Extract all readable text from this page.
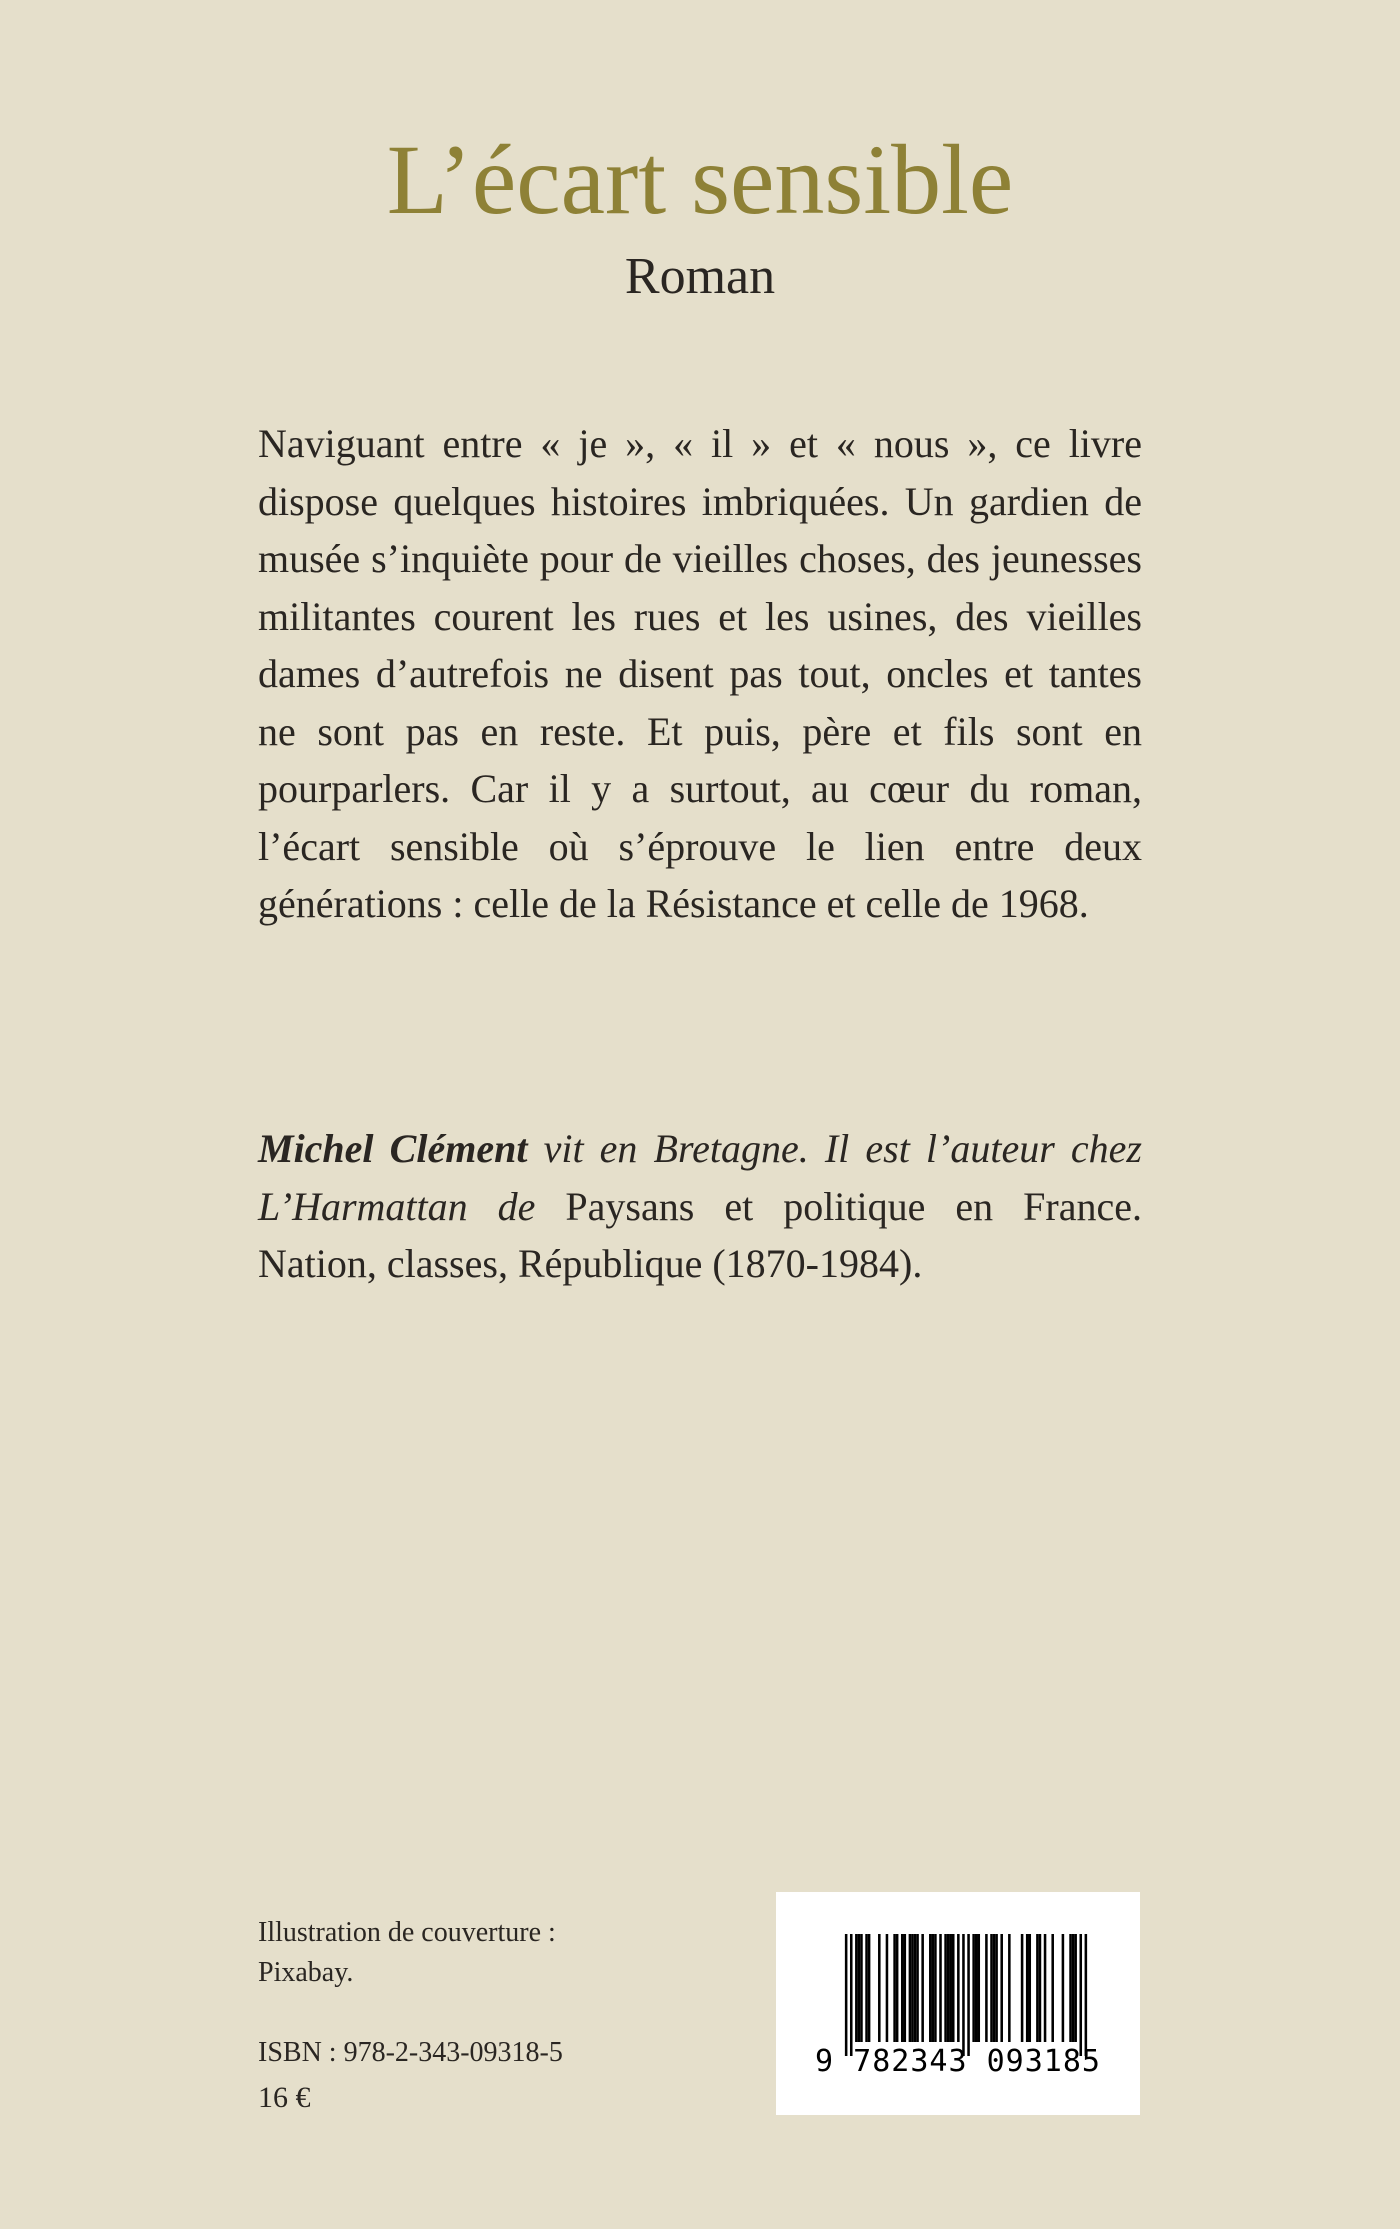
L’écart sensible
Roman

Naviguant entre « je », « il » et « nous », ce livre dispose quelques histoires imbriquées. Un gardien de musée s’inquiète pour de vieilles choses, des jeunesses militantes courent les rues et les usines, des vieilles dames d’autrefois ne disent pas tout, oncles et tantes ne sont pas en reste. Et puis, père et fils sont en pourparlers. Car il y a surtout, au cœur du roman, l’écart sensible où s’éprouve le lien entre deux générations : celle de la Résistance et celle de 1968.

Michel Clément vit en Bretagne. Il est l’auteur chez L’Harmattan de Paysans et politique en France. Nation, classes, République (1870-1984).

Illustration de couverture :
Pixabay.
ISBN : 978-2-343-09318-5
16 €
9 782343 093185
